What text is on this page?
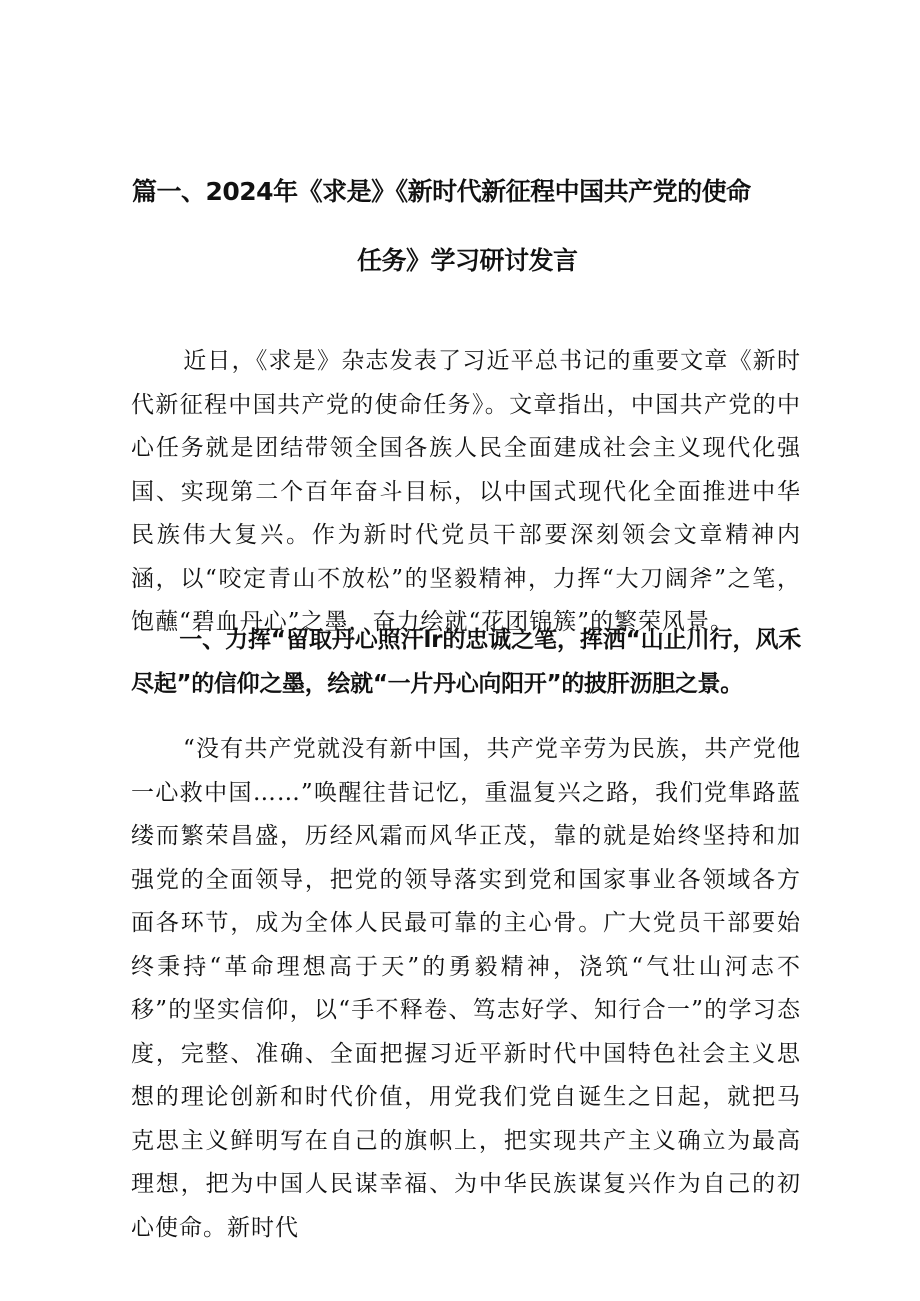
篇一、2024年《求是》《新时代新征程中国共产党的使命
任务》学习研讨发言

近日，《求是》杂志发表了习近平总书记的重要文章《新时代新征程中国共产党的使命任务》。文章指出，中国共产党的中心任务就是团结带领全国各族人民全面建成社会主义现代化强国、实现第二个百年奋斗目标，以中国式现代化全面推进中华民族伟大复兴。作为新时代党员干部要深刻领会文章精神内涵，以“咬定青山不放松”的坚毅精神，力挥“大刀阔斧”之笔，饱蘸“碧血丹心”之墨，奋力绘就“花团锦簇”的繁荣风景。

一、力挥“留取丹心照汗lr的忠诚之笔，挥洒“山止川行，风禾尽起”的信仰之墨，绘就“一片丹心向阳开”的披肝沥胆之景。

“没有共产党就没有新中国，共产党辛劳为民族，共产党他一心救中国……”唤醒往昔记忆，重温复兴之路，我们党隼路蓝缕而繁荣昌盛，历经风霜而风华正茂，靠的就是始终坚持和加强党的全面领导，把党的领导落实到党和国家事业各领域各方面各环节，成为全体人民最可靠的主心骨。广大党员干部要始终秉持“革命理想高于天”的勇毅精神，浇筑“气壮山河志不移”的坚实信仰，以“手不释卷、笃志好学、知行合一”的学习态度，完整、准确、全面把握习近平新时代中国特色社会主义思想的理论创新和时代价值，用党我们党自诞生之日起，就把马克思主义鲜明写在自己的旗帜上，把实现共产主义确立为最高理想，把为中国人民谋幸福、为中华民族谋复兴作为自己的初心使命。新时代
